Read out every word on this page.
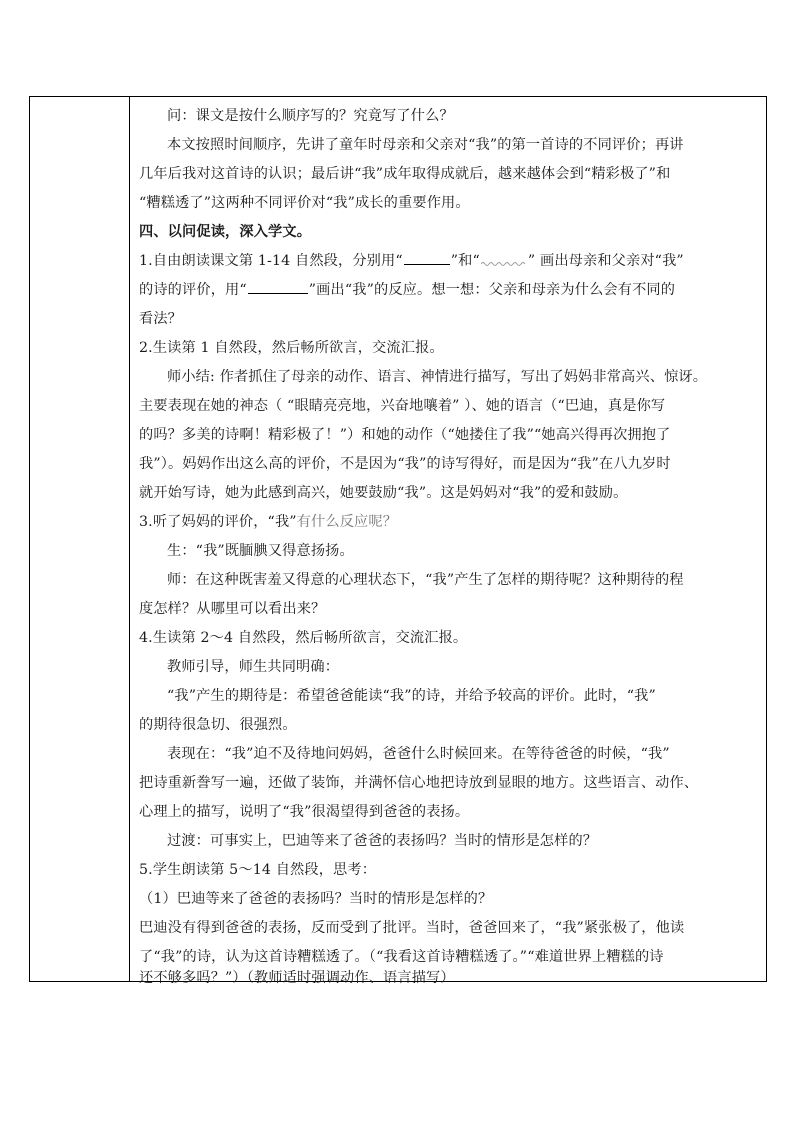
问：课文是按什么顺序写的？究竟写了什么？
本文按照时间顺序，先讲了童年时母亲和父亲对“我”的第一首诗的不同评价；再讲
几年后我对这首诗的认识；最后讲“我”成年取得成就后，越来越体会到“精彩极了”和
“糟糕透了”这两种不同评价对“我”成长的重要作用。
四、以问促读，深入学文。
1.自由朗读课文第 1-14 自然段，分别用“	”和“	” 画出母亲和父亲对“我”
的诗的评价，用“	”画出“我”的反应。想一想：父亲和母亲为什么会有不同的
看法？
2.生读第 1 自然段，然后畅所欲言，交流汇报。
师小结: 作者抓住了母亲的动作、语言、神情进行描写，写出了妈妈非常高兴、惊讶。
主要表现在她的神态（ “眼睛亮亮地，兴奋地嚷着” ）、她的语言（“巴迪，真是你写
的吗？多美的诗啊！精彩极了！”）和她的动作（“她搂住了我”“她高兴得再次拥抱了
我”）。妈妈作出这么高的评价，不是因为“我”的诗写得好，而是因为“我”在八九岁时
就开始写诗，她为此感到高兴，她要鼓励“我”。这是妈妈对“我”的爱和鼓励。
3.听了妈妈的评价，“我”有什么反应呢？
生：“我”既腼腆又得意扬扬。
师：在这种既害羞又得意的心理状态下，“我”产生了怎样的期待呢？这种期待的程
度怎样？从哪里可以看出来？
4.生读第 2～4 自然段，然后畅所欲言，交流汇报。
教师引导，师生共同明确：
“我”产生的期待是：希望爸爸能读“我”的诗，并给予较高的评价。此时，“我”
的期待很急切、很强烈。
表现在：“我”迫不及待地问妈妈，爸爸什么时候回来。在等待爸爸的时候，“我”
把诗重新誊写一遍，还做了装饰，并满怀信心地把诗放到显眼的地方。这些语言、动作、
心理上的描写，说明了“我”很渴望得到爸爸的表扬。
过渡：可事实上，巴迪等来了爸爸的表扬吗？当时的情形是怎样的？
5.学生朗读第 5～14 自然段，思考：
（1）巴迪等来了爸爸的表扬吗？当时的情形是怎样的？
巴迪没有得到爸爸的表扬，反而受到了批评。当时，爸爸回来了，“我”紧张极了，他读
了“我”的诗，认为这首诗糟糕透了。（“我看这首诗糟糕透了。”“难道世界上糟糕的诗
还不够多吗？”）（教师适时强调动作、语言描写）
